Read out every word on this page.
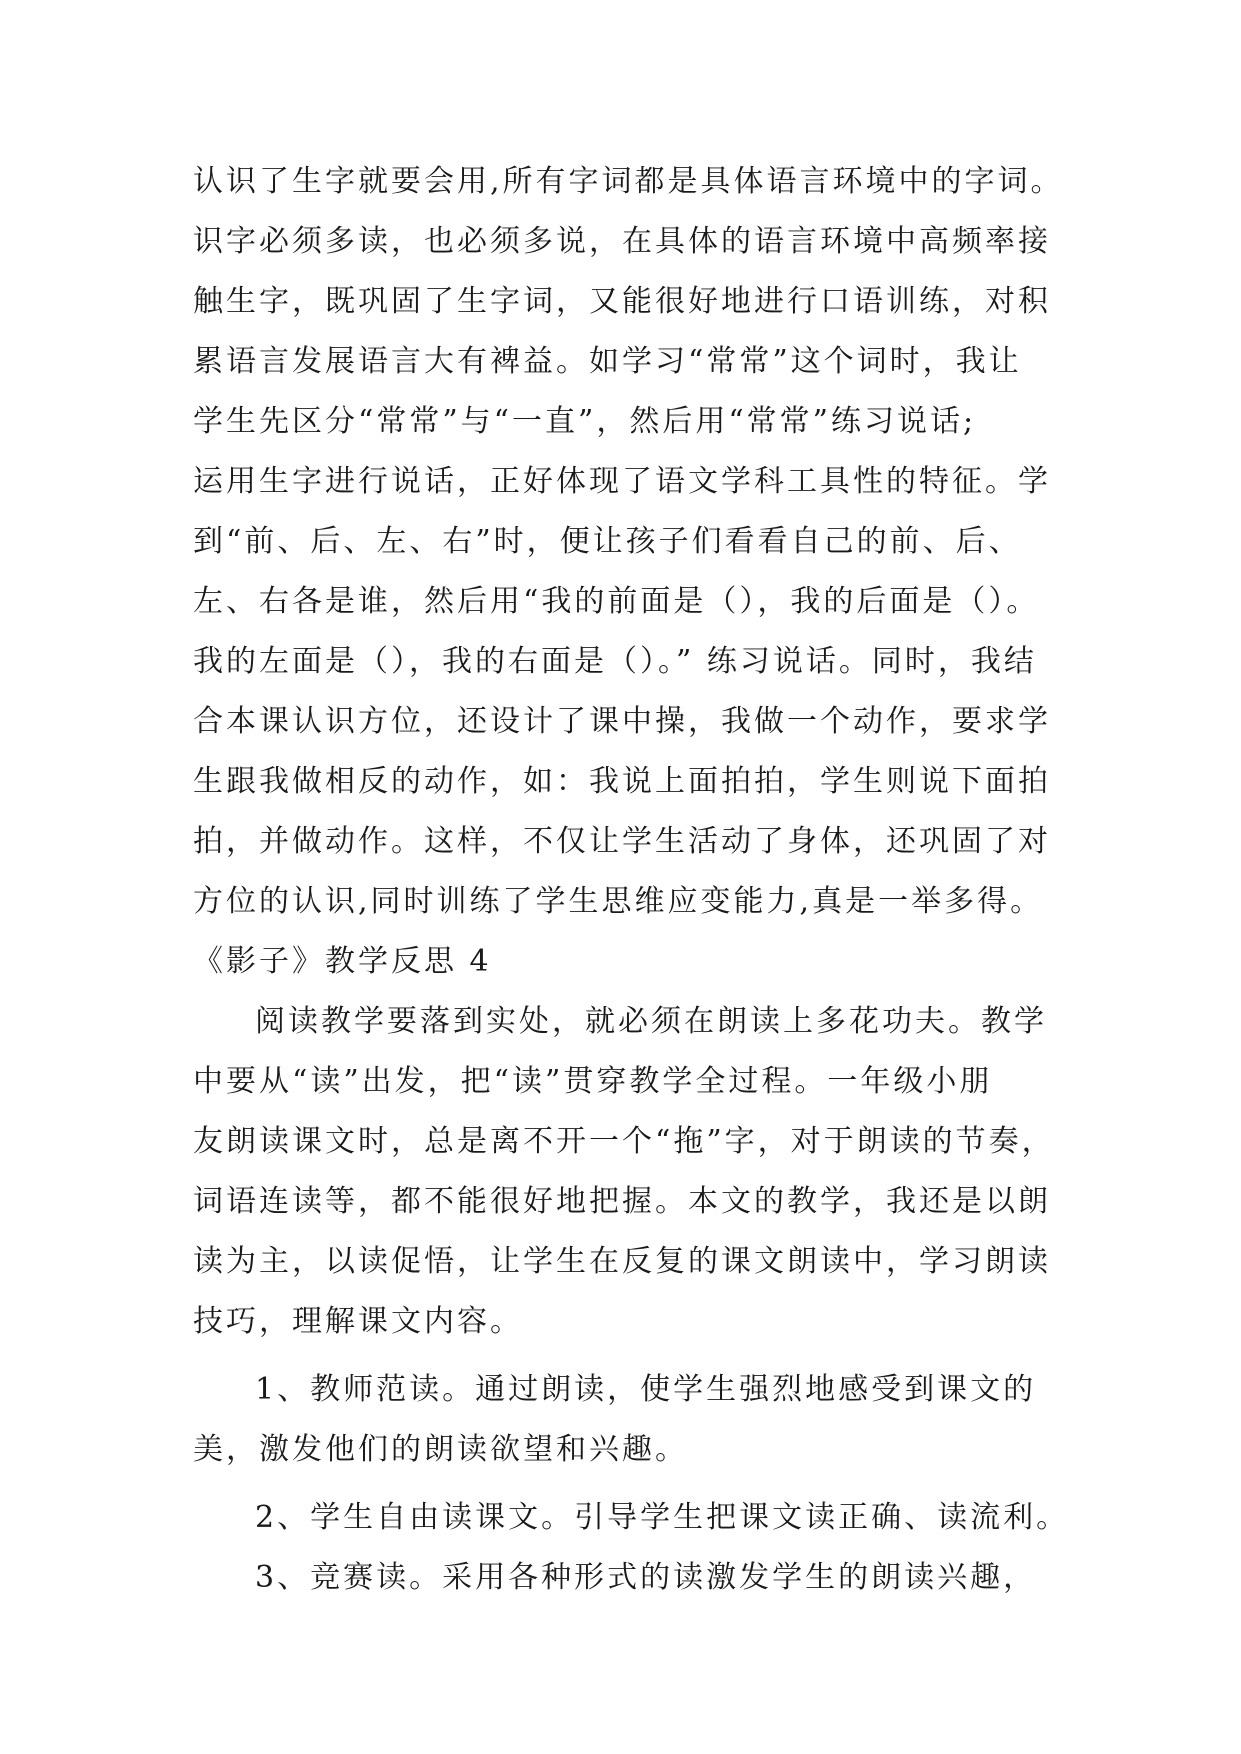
认识了生字就要会用,所有字词都是具体语言环境中的字词。
识字必须多读，也必须多说，在具体的语言环境中高频率接
触生字，既巩固了生字词，又能很好地进行口语训练，对积
累语言发展语言大有裨益。如学习“常常”这个词时，我让
学生先区分“常常”与“一直”，然后用“常常”练习说话;
运用生字进行说话，正好体现了语文学科工具性的特征。学
到“前、后、左、右”时，便让孩子们看看自己的前、后、
左、右各是谁，然后用“我的前面是（），我的后面是（）。
我的左面是（），我的右面是（）。” 练习说话。同时，我结
合本课认识方位，还设计了课中操，我做一个动作，要求学
生跟我做相反的动作，如：我说上面拍拍，学生则说下面拍
拍，并做动作。这样，不仅让学生活动了身体，还巩固了对
方位的认识,同时训练了学生思维应变能力,真是一举多得。
《影子》教学反思 4
阅读教学要落到实处，就必须在朗读上多花功夫。教学
中要从“读”出发，把“读”贯穿教学全过程。一年级小朋
友朗读课文时，总是离不开一个“拖”字，对于朗读的节奏，
词语连读等，都不能很好地把握。本文的教学，我还是以朗
读为主，以读促悟，让学生在反复的课文朗读中，学习朗读
技巧，理解课文内容。
1、教师范读。通过朗读，使学生强烈地感受到课文的
美，激发他们的朗读欲望和兴趣。
2、学生自由读课文。引导学生把课文读正确、读流利。
3、竞赛读。采用各种形式的读激发学生的朗读兴趣，
